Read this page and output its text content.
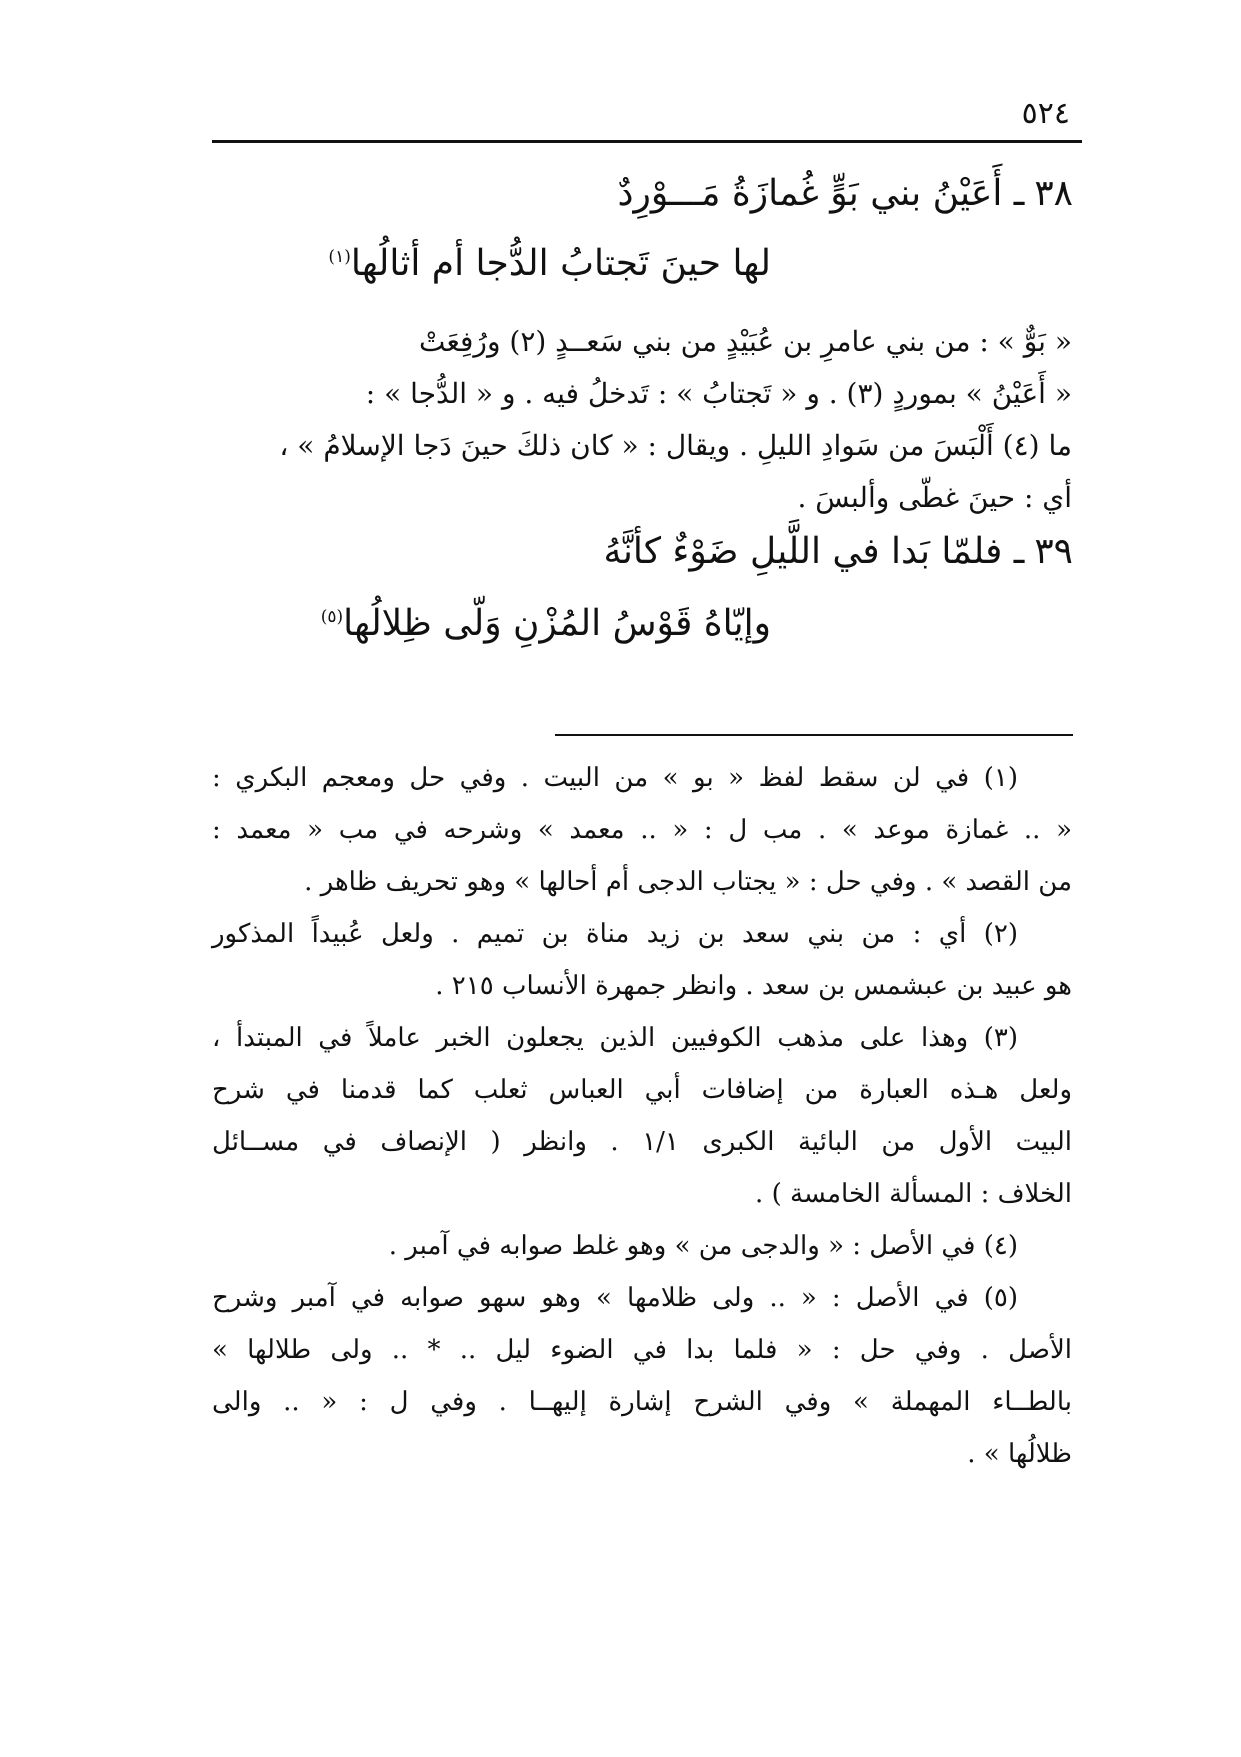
٥٢٤
٣٨ـ أَعَيْنُ بني بَوٍّ غُمازَةُ مَـــوْرِدٌ
لها حينَ تَجتابُ الدُّجا أم أثالُها$^{(١)}$
« بَوٌّ » : من بني عامرِ بن عُبَيْدٍ من بني سَعــدٍ (٢) ورُفِعَتْ
« أَعَيْنُ » بموردٍ (٣) . و « تَجتابُ » : تَدخلُ فيه . و « الدُّجا » :
ما (٤) أَلْبَسَ من سَوادِ الليلِ . ويقال : « كان ذلكَ حينَ دَجا الإسلامُ » ،
أي : حينَ غطّى وألبسَ .
٣٩ـ فلمّا بَدا في اللَّيلِ ضَوْءٌ كأنَّهُ
وإيّاهُ قَوْسُ المُزْنِ وَلّى ظِلالُها$^{(٥)}$
(١) في لن سقط لفظ « بو » من البيت . وفي حل ومعجم البكري :
« .. غمازة موعد » . مب ل : « .. معمد » وشرحه في مب « معمد :
من القصد » . وفي حل : « يجتاب الدجى أم أحالها » وهو تحريف ظاهر .
(٢) أي : من بني سعد بن زيد مناة بن تميم . ولعل عُبيداً المذكور
هو عبيد بن عبشمس بن سعد . وانظر جمهرة الأنساب ٢١٥ .
(٣) وهذا على مذهب الكوفيين الذين يجعلون الخبر عاملاً في المبتدأ ،
ولعل هـذه العبارة من إضافات أبي العباس ثعلب كما قدمنا في شرح
البيت الأول من البائية الكبرى ١/١ . وانظر ( الإنصاف في مســائل
الخلاف : المسألة الخامسة ) .
(٤) في الأصل : « والدجى من » وهو غلط صوابه في آمبر .
(٥) في الأصل : « .. ولى ظلامها » وهو سهو صوابه في آمبر وشرح
الأصل . وفي حل : « فلما بدا في الضوء ليل .. * .. ولى طلالها »
بالطــاء المهملة » وفي الشرح إشارة إليهــا . وفي ل : « .. والى
ظلالُها » .
